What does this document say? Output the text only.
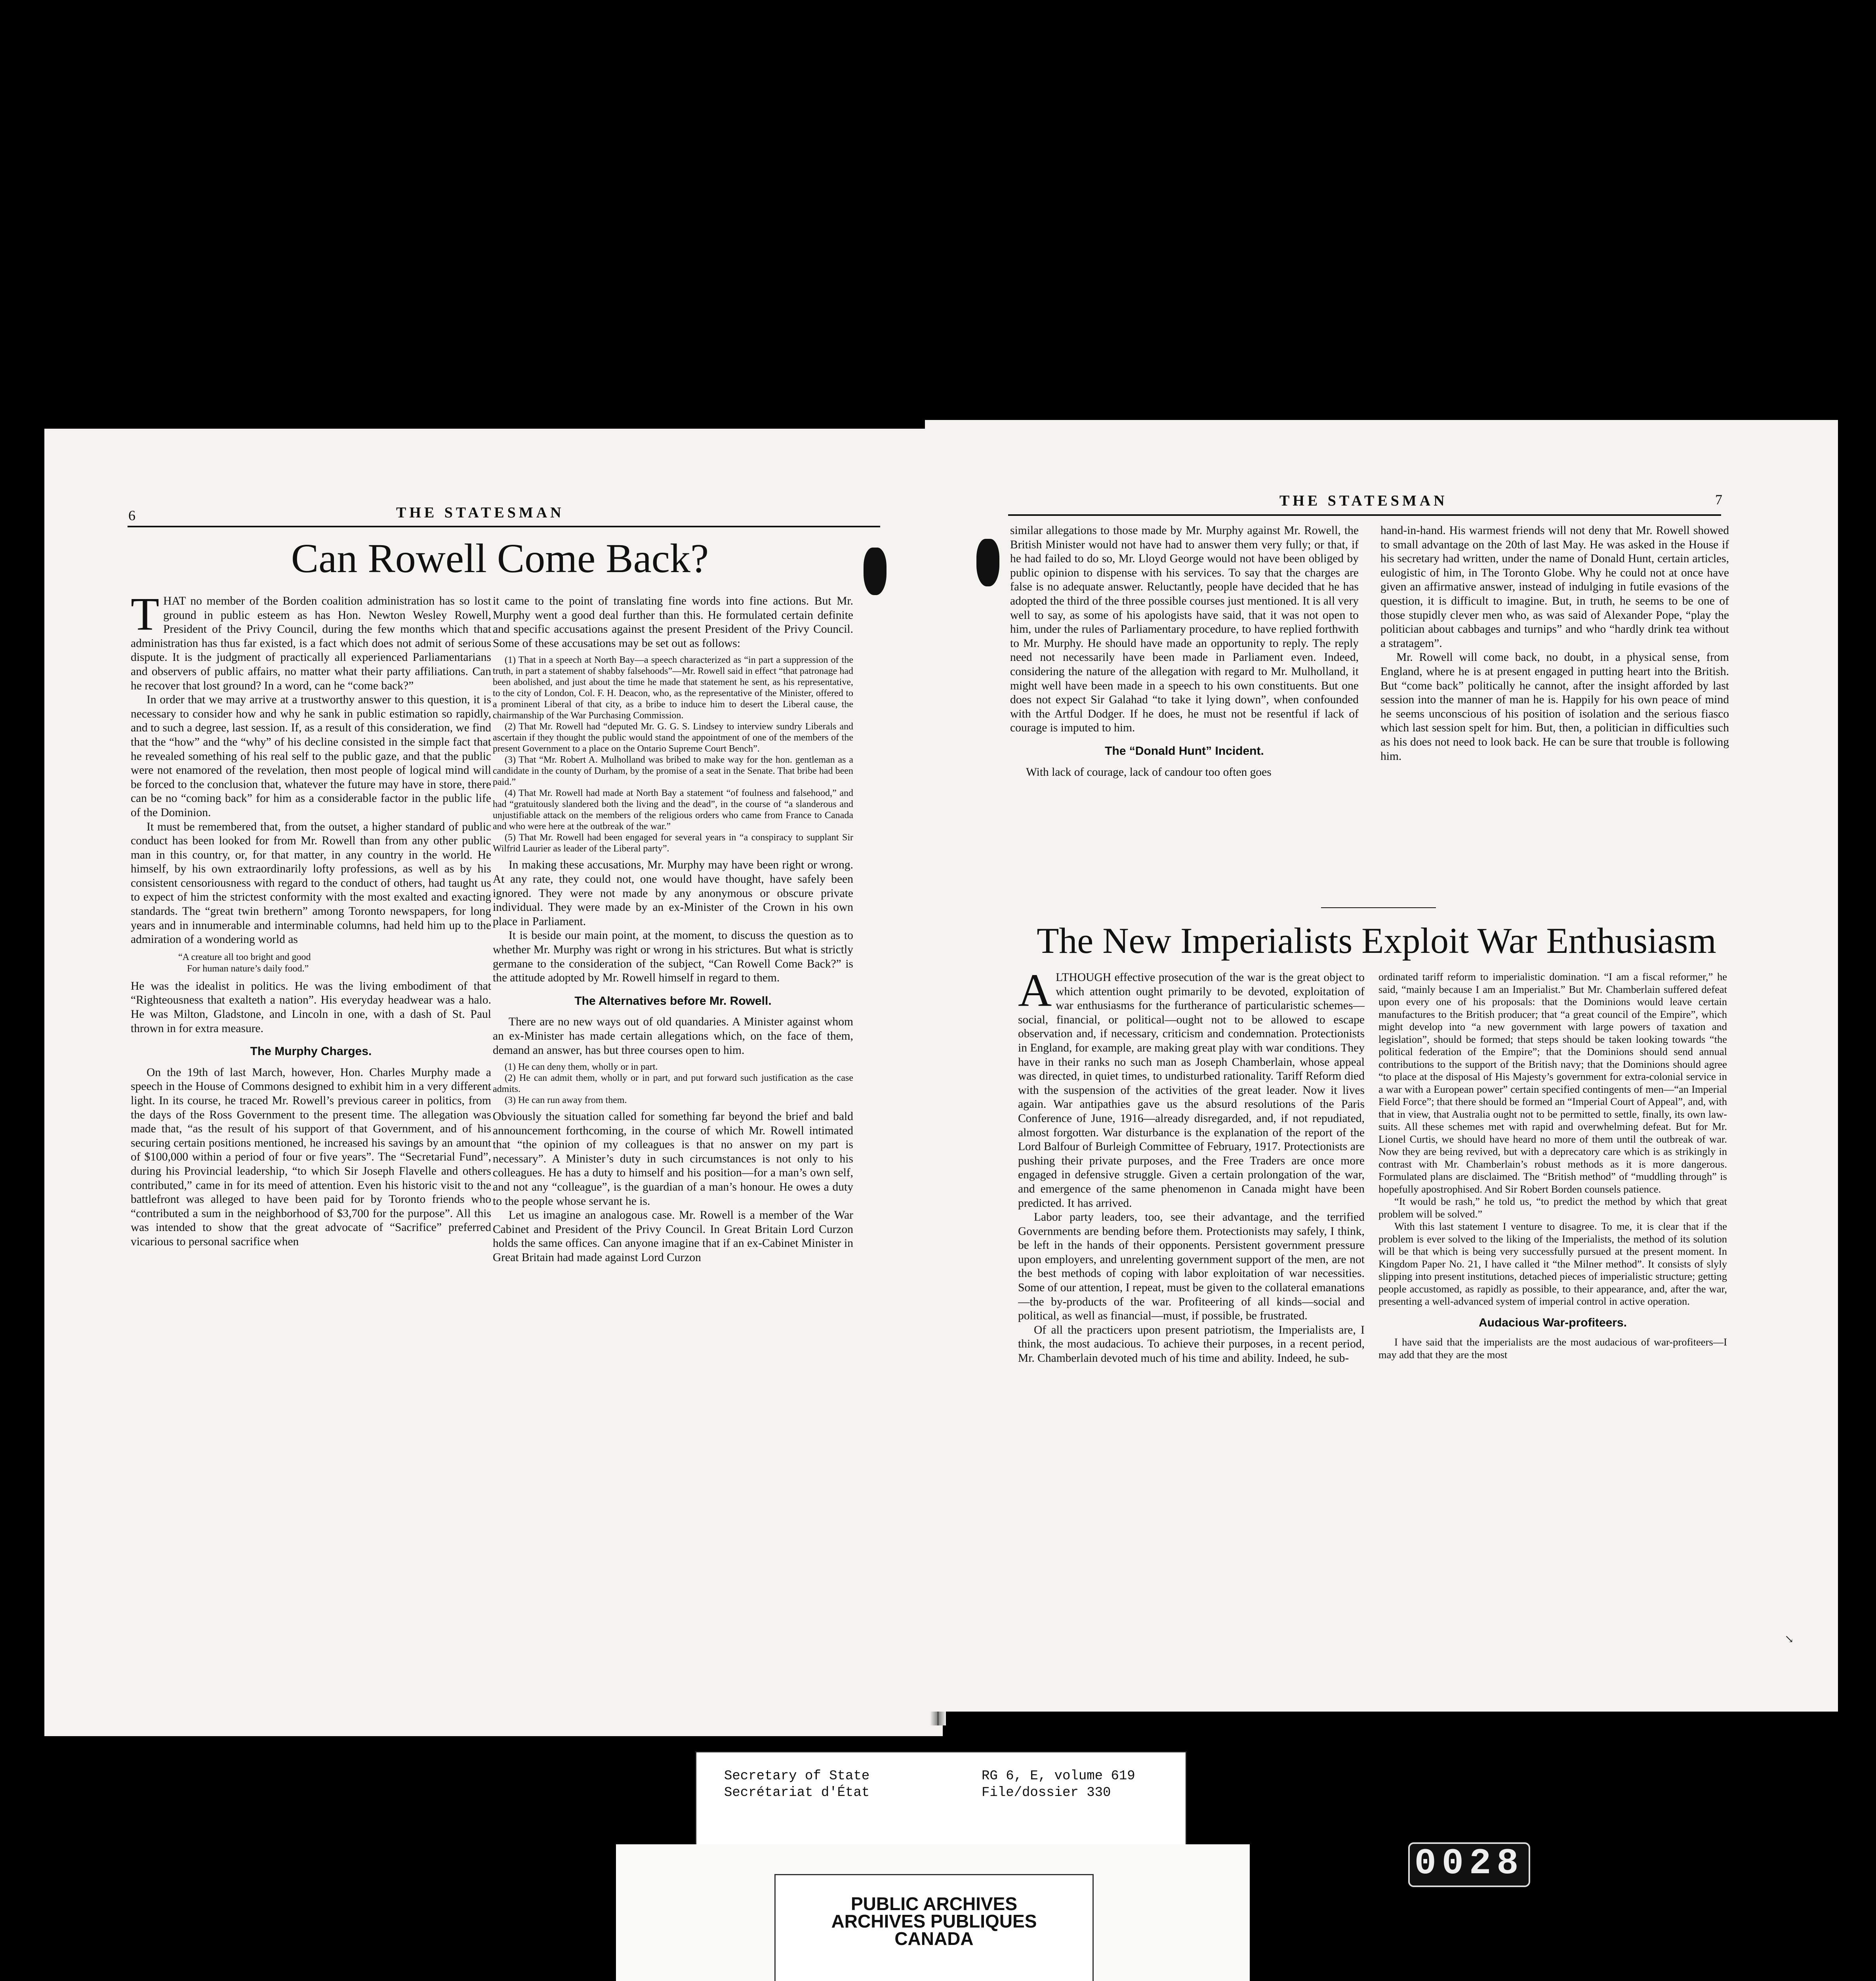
6	THE STATESMAN
Can Rowell Come Back?

THAT no member of the Borden coalition administration has so lost ground in public esteem as has Hon. Newton Wesley Rowell, President of the Privy Council, during the few months which that administration has thus far existed, is a fact which does not admit of serious dispute. It is the judgment of practically all experienced Parliamentarians and observers of public affairs, no matter what their party affiliations. Can he recover that lost ground? In a word, can he “come back?”

In order that we may arrive at a trustworthy answer to this question, it is necessary to consider how and why he sank in public estimation so rapidly, and to such a degree, last session. If, as a result of this consideration, we find that the “how” and the “why” of his decline consisted in the simple fact that he revealed something of his real self to the public gaze, and that the public were not enamored of the revelation, then most people of logical mind will be forced to the conclusion that, whatever the future may have in store, there can be no “coming back” for him as a considerable factor in the public life of the Dominion.

It must be remembered that, from the outset, a higher standard of public conduct has been looked for from Mr. Rowell than from any other public man in this country, or, for that matter, in any country in the world. He himself, by his own extraordinarily lofty professions, as well as by his consistent censoriousness with regard to the conduct of others, had taught us to expect of him the strictest conformity with the most exalted and exacting standards. The “great twin brethern” among Toronto newspapers, for long years and in innumerable and interminable columns, had held him up to the admiration of a wondering world as

“A creature all too bright and good
For human nature’s daily food.”

He was the idealist in politics. He was the living embodiment of that “Righteousness that exalteth a nation”. His everyday headwear was a halo. He was Milton, Gladstone, and Lincoln in one, with a dash of St. Paul thrown in for extra measure.

The Murphy Charges.

On the 19th of last March, however, Hon. Charles Murphy made a speech in the House of Commons designed to exhibit him in a very different light. In its course, he traced Mr. Rowell’s previous career in politics, from the days of the Ross Government to the present time. The allegation was made that, “as the result of his support of that Government, and of his securing certain positions mentioned, he increased his savings by an amount of $100,000 within a period of four or five years”. The “Secretarial Fund”, during his Provincial leadership, “to which Sir Joseph Flavelle and others contributed,” came in for its meed of attention. Even his historic visit to the battlefront was alleged to have been paid for by Toronto friends who “contributed a sum in the neighborhood of $3,700 for the purpose”. All this was intended to show that the great advocate of “Sacrifice” preferred vicarious to personal sacrifice when

it came to the point of translating fine words into fine actions. But Mr. Murphy went a good deal further than this. He formulated certain definite and specific accusations against the present President of the Privy Council. Some of these accusations may be set out as follows:

(1) That in a speech at North Bay—a speech characterized as “in part a suppression of the truth, in part a statement of shabby falsehoods”—Mr. Rowell said in effect “that patronage had been abolished, and just about the time he made that statement he sent, as his representative, to the city of London, Col. F. H. Deacon, who, as the representative of the Minister, offered to a prominent Liberal of that city, as a bribe to induce him to desert the Liberal cause, the chairmanship of the War Purchasing Commission.

(2) That Mr. Rowell had “deputed Mr. G. G. S. Lindsey to interview sundry Liberals and ascertain if they thought the public would stand the appointment of one of the members of the present Government to a place on the Ontario Supreme Court Bench”.

(3) That “Mr. Robert A. Mulholland was bribed to make way for the hon. gentleman as a candidate in the county of Durham, by the promise of a seat in the Senate. That bribe had been paid.”

(4) That Mr. Rowell had made at North Bay a statement “of foulness and falsehood,” and had “gratuitously slandered both the living and the dead”, in the course of “a slanderous and unjustifiable attack on the members of the religious orders who came from France to Canada and who were here at the outbreak of the war.”

(5) That Mr. Rowell had been engaged for several years in “a conspiracy to supplant Sir Wilfrid Laurier as leader of the Liberal party”.

In making these accusations, Mr. Murphy may have been right or wrong. At any rate, they could not, one would have thought, have safely been ignored. They were not made by any anonymous or obscure private individual. They were made by an ex-Minister of the Crown in his own place in Parliament.

It is beside our main point, at the moment, to discuss the question as to whether Mr. Murphy was right or wrong in his strictures. But what is strictly germane to the consideration of the subject, “Can Rowell Come Back?” is the attitude adopted by Mr. Rowell himself in regard to them.

The Alternatives before Mr. Rowell.

There are no new ways out of old quandaries. A Minister against whom an ex-Minister has made certain allegations which, on the face of them, demand an answer, has but three courses open to him.

(1) He can deny them, wholly or in part.

(2) He can admit them, wholly or in part, and put forward such justification as the case admits.

(3) He can run away from them.

Obviously the situation called for something far beyond the brief and bald announcement forthcoming, in the course of which Mr. Rowell intimated that “the opinion of my colleagues is that no answer on my part is necessary”. A Minister’s duty in such circumstances is not only to his colleagues. He has a duty to himself and his position—for a man’s own self, and not any “colleague”, is the guardian of a man’s honour. He owes a duty to the people whose servant he is.

Let us imagine an analogous case. Mr. Rowell is a member of the War Cabinet and President of the Privy Council. In Great Britain Lord Curzon holds the same offices. Can anyone imagine that if an ex-Cabinet Minister in Great Britain had made against Lord Curzon

THE STATESMAN	7

similar allegations to those made by Mr. Murphy against Mr. Rowell, the British Minister would not have had to answer them very fully; or that, if he had failed to do so, Mr. Lloyd George would not have been obliged by public opinion to dispense with his services. To say that the charges are false is no adequate answer. Reluctantly, people have decided that he has adopted the third of the three possible courses just mentioned. It is all very well to say, as some of his apologists have said, that it was not open to him, under the rules of Parliamentary procedure, to have replied forthwith to Mr. Murphy. He should have made an opportunity to reply. The reply need not necessarily have been made in Parliament even. Indeed, considering the nature of the allegation with regard to Mr. Mulholland, it might well have been made in a speech to his own constituents. But one does not expect Sir Galahad “to take it lying down”, when confounded with the Artful Dodger. If he does, he must not be resentful if lack of courage is imputed to him.

The “Donald Hunt” Incident.

With lack of courage, lack of candour too often goes

hand-in-hand. His warmest friends will not deny that Mr. Rowell showed to small advantage on the 20th of last May. He was asked in the House if his secretary had written, under the name of Donald Hunt, certain articles, eulogistic of him, in The Toronto Globe. Why he could not at once have given an affirmative answer, instead of indulging in futile evasions of the question, it is difficult to imagine. But, in truth, he seems to be one of those stupidly clever men who, as was said of Alexander Pope, “play the politician about cabbages and turnips” and who “hardly drink tea without a stratagem”.

Mr. Rowell will come back, no doubt, in a physical sense, from England, where he is at present engaged in putting heart into the British. But “come back” politically he cannot, after the insight afforded by last session into the manner of man he is. Happily for his own peace of mind he seems unconscious of his position of isolation and the serious fiasco which last session spelt for him. But, then, a politician in difficulties such as his does not need to look back. He can be sure that trouble is following him.

The New Imperialists Exploit War Enthusiasm

ALTHOUGH effective prosecution of the war is the great object to which attention ought primarily to be devoted, exploitation of war enthusiasms for the furtherance of particularistic schemes—social, financial, or political—ought not to be allowed to escape observation and, if necessary, criticism and condemnation. Protectionists in England, for example, are making great play with war conditions. They have in their ranks no such man as Joseph Chamberlain, whose appeal was directed, in quiet times, to undisturbed rationality. Tariff Reform died with the suspension of the activities of the great leader. Now it lives again. War antipathies gave us the absurd resolutions of the Paris Conference of June, 1916—already disregarded, and, if not repudiated, almost forgotten. War disturbance is the explanation of the report of the Lord Balfour of Burleigh Committee of February, 1917. Protectionists are pushing their private purposes, and the Free Traders are once more engaged in defensive struggle. Given a certain prolongation of the war, and emergence of the same phenomenon in Canada might have been predicted. It has arrived.

Labor party leaders, too, see their advantage, and the terrified Governments are bending before them. Protectionists may safely, I think, be left in the hands of their opponents. Persistent government pressure upon employers, and unrelenting government support of the men, are not the best methods of coping with labor exploitation of war necessities. Some of our attention, I repeat, must be given to the collateral emanations—the by-products of the war. Profiteering of all kinds—social and political, as well as financial—must, if possible, be frustrated.

Of all the practicers upon present patriotism, the Imperialists are, I think, the most audacious. To achieve their purposes, in a recent period, Mr. Chamberlain devoted much of his time and ability. Indeed, he sub-

ordinated tariff reform to imperialistic domination. “I am a fiscal reformer,” he said, “mainly because I am an Imperialist.” But Mr. Chamberlain suffered defeat upon every one of his proposals: that the Dominions would leave certain manufactures to the British producer; that “a great council of the Empire”, which might develop into “a new government with large powers of taxation and legislation”, should be formed; that steps should be taken looking towards “the political federation of the Empire”; that the Dominions should send annual contributions to the support of the British navy; that the Dominions should agree “to place at the disposal of His Majesty’s government for extra-colonial service in a war with a European power” certain specified contingents of men—“an Imperial Field Force”; that there should be formed an “Imperial Court of Appeal”, and, with that in view, that Australia ought not to be permitted to settle, finally, its own law-suits. All these schemes met with rapid and overwhelming defeat. But for Mr. Lionel Curtis, we should have heard no more of them until the outbreak of war. Now they are being revived, but with a deprecatory care which is as strikingly in contrast with Mr. Chamberlain’s robust methods as it is more dangerous. Formulated plans are disclaimed. The “British method” of “muddling through” is hopefully apostrophised. And Sir Robert Borden counsels patience.

“It would be rash,” he told us, “to predict the method by which that great problem will be solved.”

With this last statement I venture to disagree. To me, it is clear that if the problem is ever solved to the liking of the Imperialists, the method of its solution will be that which is being very successfully pursued at the present moment. In Kingdom Paper No. 21, I have called it “the Milner method”. It consists of slyly slipping into present institutions, detached pieces of imperialistic structure; getting people accustomed, as rapidly as possible, to their appearance, and, after the war, presenting a well-advanced system of imperial control in active operation.

Audacious War-profiteers.

I have said that the imperialists are the most audacious of war-profiteers—I may add that they are the most

↘
Secretary of State
Secrétariat d'État
RG 6, E, volume 619
File/dossier 330
PUBLIC ARCHIVES
ARCHIVES PUBLIQUES
CANADA
0028
